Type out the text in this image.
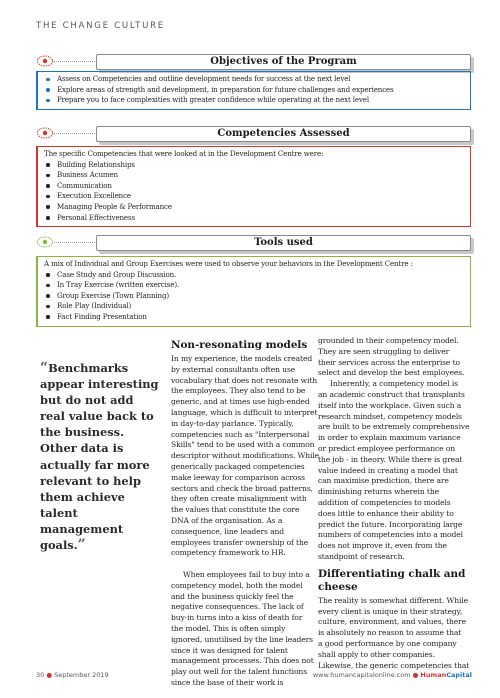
THE CHANGE CULTURE
Objectives of the Program
Assess on Competencies and outline development needs for success at the next level
Explore areas of strength and development, in preparation for future challenges and experiences
Prepare you to face complexities with greater confidence while operating at the next level
Competencies Assessed
The specific Competencies that were looked at in the Development Centre were:
Building Relationships
Business Acumen
Communication
Execution Excellence
Managing People & Performance
Personal Effectiveness
Tools used
A mix of Individual and Group Exercises were used to observe your behaviors in the Development Centre :
Case Study and Group Discussion.
In Tray Exercise (written exercise).
Group Exercise (Town Planning)
Role Play (Individual)
Fact Finding Presentation
“Benchmarks appear interesting but do not add real value back to the business. Other data is actually far more relevant to help them achieve talent management goals.”
Non-resonating models

In my experience, the models created

by external consultants often use

vocabulary that does not resonate with

the employees. They also tend to be

generic, and at times use high-ended

language, which is difficult to interpret

in day-to-day parlance. Typically,

competencies such as "Interpersonal

Skills" tend to be used with a common

descriptor without modifications. While

generically packaged competencies

make leeway for comparison across

sectors and check the broad patterns,

they often create misalignment with

the values that constitute the core

DNA of the organisation. As a

consequence, line leaders and

employees transfer ownership of the

competency framework to HR.

When employees fail to buy into a

competency model, both the model

and the business quickly feel the

negative consequences. The lack of

buy-in turns into a kiss of death for

the model. This is often simply

ignored, unutilised by the line leaders

since it was designed for talent

management processes. This does not

play out well for the talent functions

since the base of their work is

grounded in their competency model.

They are seen struggling to deliver

their services across the enterprise to

select and develop the best employees.

Inherently, a competency model is

an academic construct that transplants

itself into the workplace. Given such a

research mindset, competency models

are built to be extremely comprehensive

in order to explain maximum variance

or predict employee performance on

the job - in theory. While there is great

value indeed in creating a model that

can maximise prediction, there are

diminishing returns wherein the

addition of competencies to models

does little to enhance their ability to

predict the future. Incorporating large

numbers of competencies into a model

does not improve it, even from the

standpoint of research.

Differentiating chalk and cheese

The reality is somewhat different. While

every client is unique in their strategy,

culture, environment, and values, there

is absolutely no reason to assume that

a good performance by one company

shall apply to other companies.

Likewise, the generic competencies that

30 ● September 2019	www.humancapitalonline.com ● HumanCapital
